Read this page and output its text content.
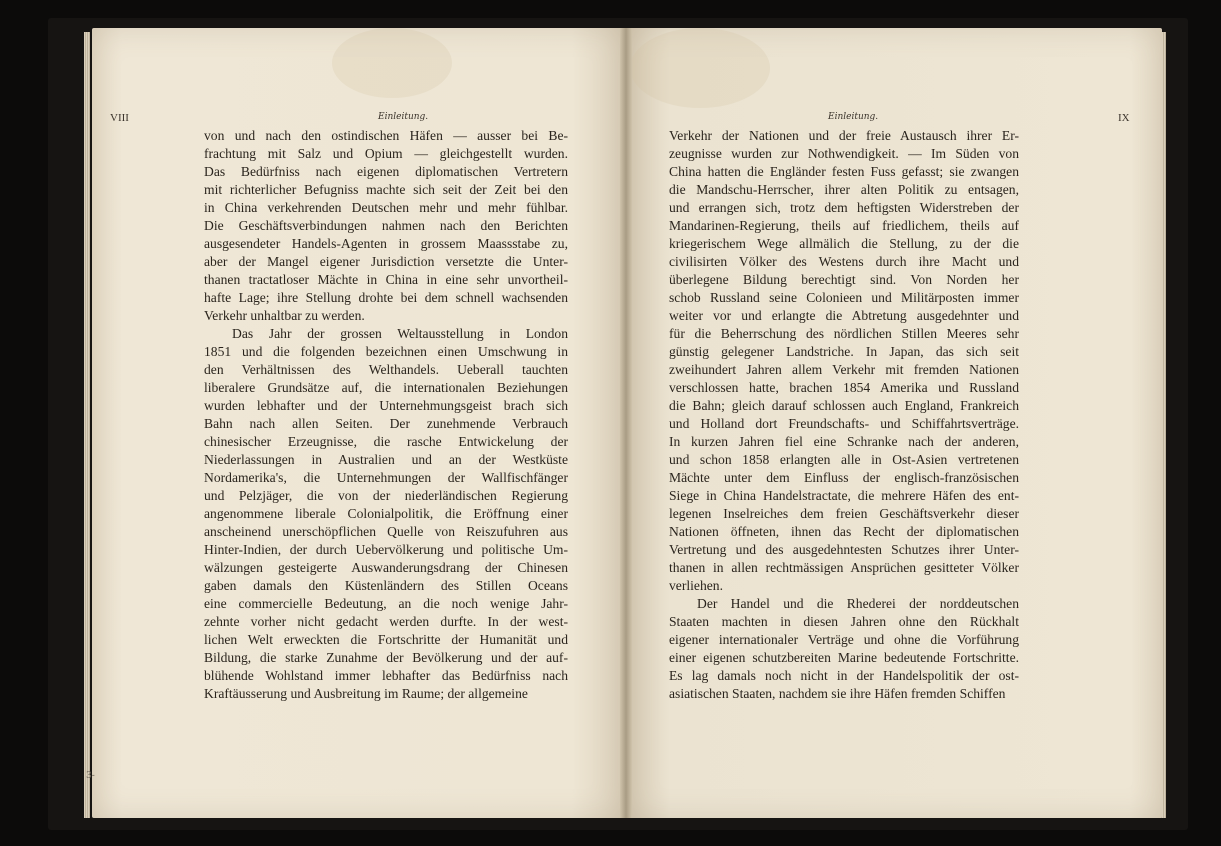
VIII	Einleitung.	Einleitung.	IX
von und nach den ostindischen Häfen — ausser bei Be-
frachtung mit Salz und Opium — gleichgestellt wurden.
Das Bedürfniss nach eigenen diplomatischen Vertretern
mit richterlicher Befugniss machte sich seit der Zeit bei den
in China verkehrenden Deutschen mehr und mehr fühlbar.
Die Geschäftsverbindungen nahmen nach den Berichten
ausgesendeter Handels-Agenten in grossem Maassstabe zu,
aber der Mangel eigener Jurisdiction versetzte die Unter-
thanen tractatloser Mächte in China in eine sehr unvortheil-
hafte Lage; ihre Stellung drohte bei dem schnell wachsenden
Verkehr unhaltbar zu werden.
Das Jahr der grossen Weltausstellung in London
1851 und die folgenden bezeichnen einen Umschwung in
den Verhältnissen des Welthandels. Ueberall tauchten
liberalere Grundsätze auf, die internationalen Beziehungen
wurden lebhafter und der Unternehmungsgeist brach sich
Bahn nach allen Seiten. Der zunehmende Verbrauch
chinesischer Erzeugnisse, die rasche Entwickelung der
Niederlassungen in Australien und an der Westküste
Nordamerika's, die Unternehmungen der Wallfischfänger
und Pelzjäger, die von der niederländischen Regierung
angenommene liberale Colonialpolitik, die Eröffnung einer
anscheinend unerschöpflichen Quelle von Reiszufuhren aus
Hinter-Indien, der durch Uebervölkerung und politische Um-
wälzungen gesteigerte Auswanderungsdrang der Chinesen
gaben damals den Küstenländern des Stillen Oceans
eine commercielle Bedeutung, an die noch wenige Jahr-
zehnte vorher nicht gedacht werden durfte. In der west-
lichen Welt erweckten die Fortschritte der Humanität und
Bildung, die starke Zunahme der Bevölkerung und der auf-
blühende Wohlstand immer lebhafter das Bedürfniss nach
Kraftäusserung und Ausbreitung im Raume; der allgemeine
Verkehr der Nationen und der freie Austausch ihrer Er-
zeugnisse wurden zur Nothwendigkeit. — Im Süden von
China hatten die Engländer festen Fuss gefasst; sie zwangen
die Mandschu-Herrscher, ihrer alten Politik zu entsagen,
und errangen sich, trotz dem heftigsten Widerstreben der
Mandarinen-Regierung, theils auf friedlichem, theils auf
kriegerischem Wege allmälich die Stellung, zu der die
civilisirten Völker des Westens durch ihre Macht und
überlegene Bildung berechtigt sind. Von Norden her
schob Russland seine Colonieen und Militärposten immer
weiter vor und erlangte die Abtretung ausgedehnter und
für die Beherrschung des nördlichen Stillen Meeres sehr
günstig gelegener Landstriche. In Japan, das sich seit
zweihundert Jahren allem Verkehr mit fremden Nationen
verschlossen hatte, brachen 1854 Amerika und Russland
die Bahn; gleich darauf schlossen auch England, Frankreich
und Holland dort Freundschafts- und Schiffahrtsverträge.
In kurzen Jahren fiel eine Schranke nach der anderen,
und schon 1858 erlangten alle in Ost-Asien vertretenen
Mächte unter dem Einfluss der englisch-französischen
Siege in China Handelstractate, die mehrere Häfen des ent-
legenen Inselreiches dem freien Geschäftsverkehr dieser
Nationen öffneten, ihnen das Recht der diplomatischen
Vertretung und des ausgedehntesten Schutzes ihrer Unter-
thanen in allen rechtmässigen Ansprüchen gesitteter Völker
verliehen.
Der Handel und die Rhederei der norddeutschen
Staaten machten in diesen Jahren ohne den Rückhalt
eigener internationaler Verträge und ohne die Vorführung
einer eigenen schutzbereiten Marine bedeutende Fortschritte.
Es lag damals noch nicht in der Handelspolitik der ost-
asiatischen Staaten, nachdem sie ihre Häfen fremden Schiffen
3-
